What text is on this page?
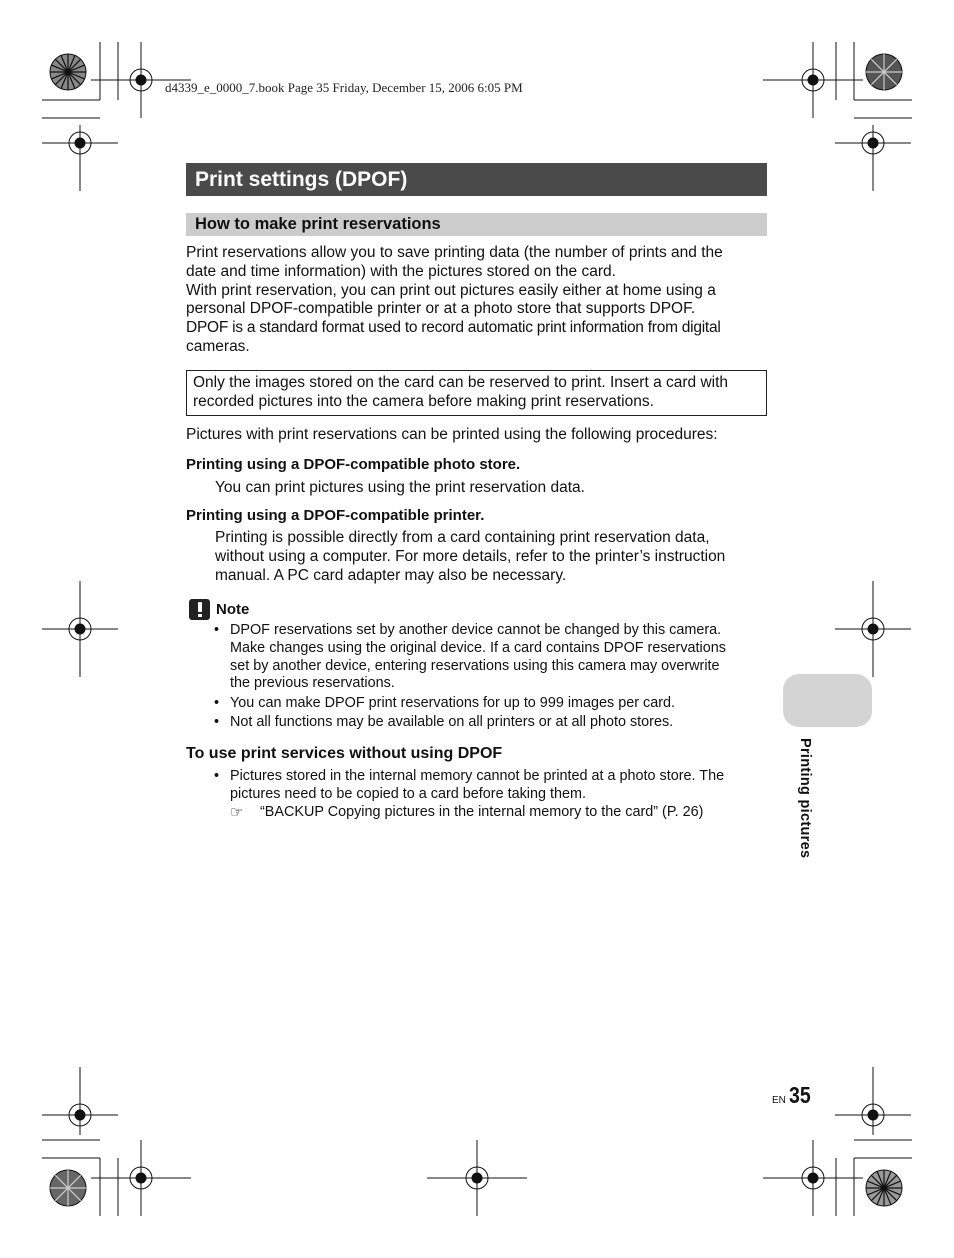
d4339_e_0000_7.book Page 35 Friday, December 15, 2006 6:05 PM
Print settings (DPOF)
How to make print reservations
Print reservations allow you to save printing data (the number of prints and the
date and time information) with the pictures stored on the card.
With print reservation, you can print out pictures easily either at home using a
personal DPOF-compatible printer or at a photo store that supports DPOF.
DPOF is a standard format used to record automatic print information from digital
cameras.
Only the images stored on the card can be reserved to print. Insert a card with
recorded pictures into the camera before making print reservations.
Pictures with print reservations can be printed using the following procedures:
Printing using a DPOF-compatible photo store.
You can print pictures using the print reservation data.
Printing using a DPOF-compatible printer.
Printing is possible directly from a card containing print reservation data,
without using a computer. For more details, refer to the printer’s instruction
manual. A PC card adapter may also be necessary.
Note
• DPOF reservations set by another device cannot be changed by this camera.
Make changes using the original device. If a card contains DPOF reservations
set by another device, entering reservations using this camera may overwrite
the previous reservations.
• You can make DPOF print reservations for up to 999 images per card.
• Not all functions may be available on all printers or at all photo stores.
To use print services without using DPOF
• Pictures stored in the internal memory cannot be printed at a photo store. The
pictures need to be copied to a card before taking them.
☞	“BACKUP Copying pictures in the internal memory to the card” (P. 26)	Printing pictures
EN 35
